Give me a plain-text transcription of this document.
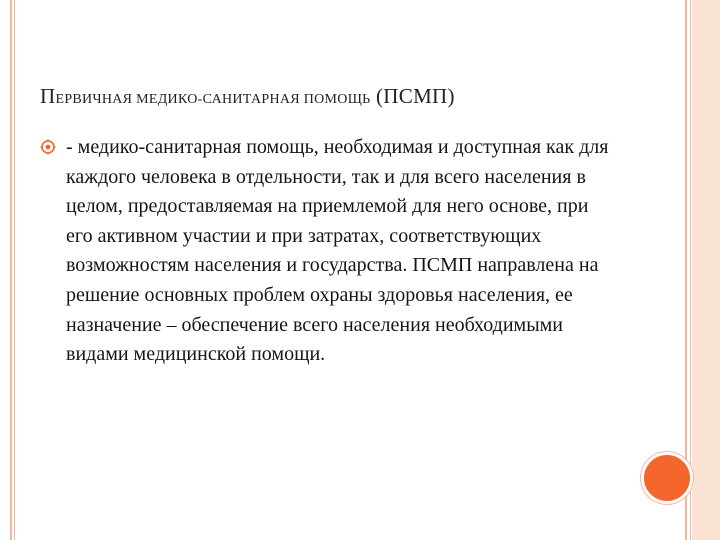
ПЕРВИЧНАЯ МЕДИКО-САНИТАРНАЯ ПОМОЩЬ (ПСМП)
- медико-санитарная помощь, необходимая и доступная как для каждого человека в отдельности, так и для всего населения в целом, предоставляемая на приемлемой для него основе, при его активном участии и при затратах, соответствующих возможностям населения и государства. ПСМП направлена на решение основных проблем охраны здоровья населения, ее назначение – обеспечение всего населения необходимыми видами медицинской помощи.
